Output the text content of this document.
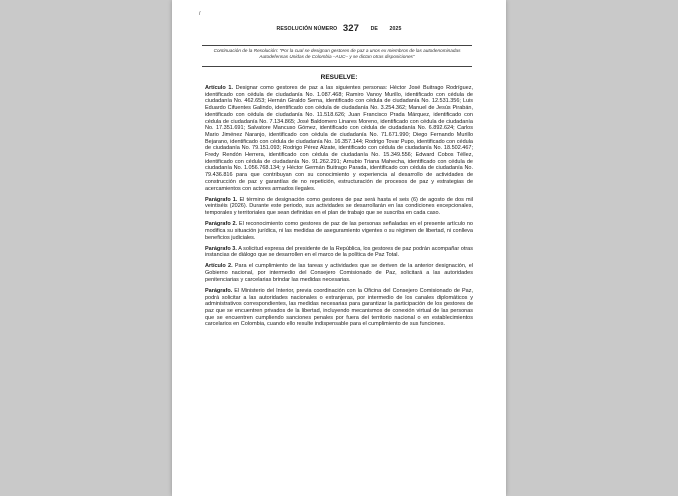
/
RESOLUCIÓN NÚMERO 327 DE 2025

Continuación de la Resolución: "Por la cual se designan gestores de paz a unos ex miembros de las autodenominadas Autodefensas Unidas de Colombia –AUC– y se dictan otras disposiciones"

RESUELVE:

Artículo 1. Designar como gestores de paz a las siguientes personas: Héctor José Buitrago Rodríguez, identificado con cédula de ciudadanía No. 1.087.468; Ramiro Vanoy Murillo, identificado con cédula de ciudadanía No. 462.653; Hernán Giraldo Serna, identificado con cédula de ciudadanía No. 12.531.356; Luis Eduardo Cifuentes Galindo, identificado con cédula de ciudadanía No. 3.254.362; Manuel de Jesús Pirabán, identificado con cédula de ciudadanía No. 11.518.626; Juan Francisco Prada Márquez, identificado con cédula de ciudadanía No. 7.134.865; José Baldomero Linares Moreno, identificado con cédula de ciudadanía No. 17.351.691; Salvatore Mancuso Gómez, identificado con cédula de ciudadanía No. 6.892.624; Carlos Mario Jiménez Naranjo, identificado con cédula de ciudadanía No. 71.671.990; Diego Fernando Murillo Bejarano, identificado con cédula de ciudadanía No. 16.357.144; Rodrigo Tovar Pupo, identificado con cédula de ciudadanía No. 79.151.093; Rodrigo Pérez Alzate, identificado con cédula de ciudadanía No. 18.502.467; Fredy Rendón Herrera, identificado con cédula de ciudadanía No. 15.349.556; Edward Cobos Téllez, identificado con cédula de ciudadanía No. 91.262.291; Arnubio Triana Mahecha, identificado con cédula de ciudadanía No. 1.056.768.134; y Héctor Germán Buitrago Parada, identificado con cédula de ciudadanía No. 79.436.816 para que contribuyan con su conocimiento y experiencia al desarrollo de actividades de construcción de paz y garantías de no repetición, estructuración de procesos de paz y estrategias de acercamientos con actores armados ilegales.

Parágrafo 1. El término de designación como gestores de paz será hasta el seis (6) de agosto de dos mil veintiséis (2026). Durante este periodo, sus actividades se desarrollarán en las condiciones excepcionales, temporales y territoriales que sean definidas en el plan de trabajo que se suscriba en cada caso.

Parágrafo 2. El reconocimiento como gestores de paz de las personas señaladas en el presente artículo no modifica su situación jurídica, ni las medidas de aseguramiento vigentes o su régimen de libertad, ni conlleva beneficios judiciales.

Parágrafo 3. A solicitud expresa del presidente de la República, los gestores de paz podrán acompañar otras instancias de diálogo que se desarrollen en el marco de la política de Paz Total.

Artículo 2. Para el cumplimiento de las tareas y actividades que se deriven de la anterior designación, el Gobierno nacional, por intermedio del Consejero Comisionado de Paz, solicitará a las autoridades penitenciarias y carcelarias brindar las medidas necesarias.

Parágrafo. El Ministerio del Interior, previa coordinación con la Oficina del Consejero Comisionado de Paz, podrá solicitar a las autoridades nacionales o extranjeras, por intermedio de los canales diplomáticos y administrativos correspondientes, las medidas necesarias para garantizar la participación de los gestores de paz que se encuentren privados de la libertad, incluyendo mecanismos de conexión virtual de las personas que se encuentren cumpliendo sanciones penales por fuera del territorio nacional o en establecimientos carcelarios en Colombia, cuando ello resulte indispensable para el cumplimiento de sus funciones.
